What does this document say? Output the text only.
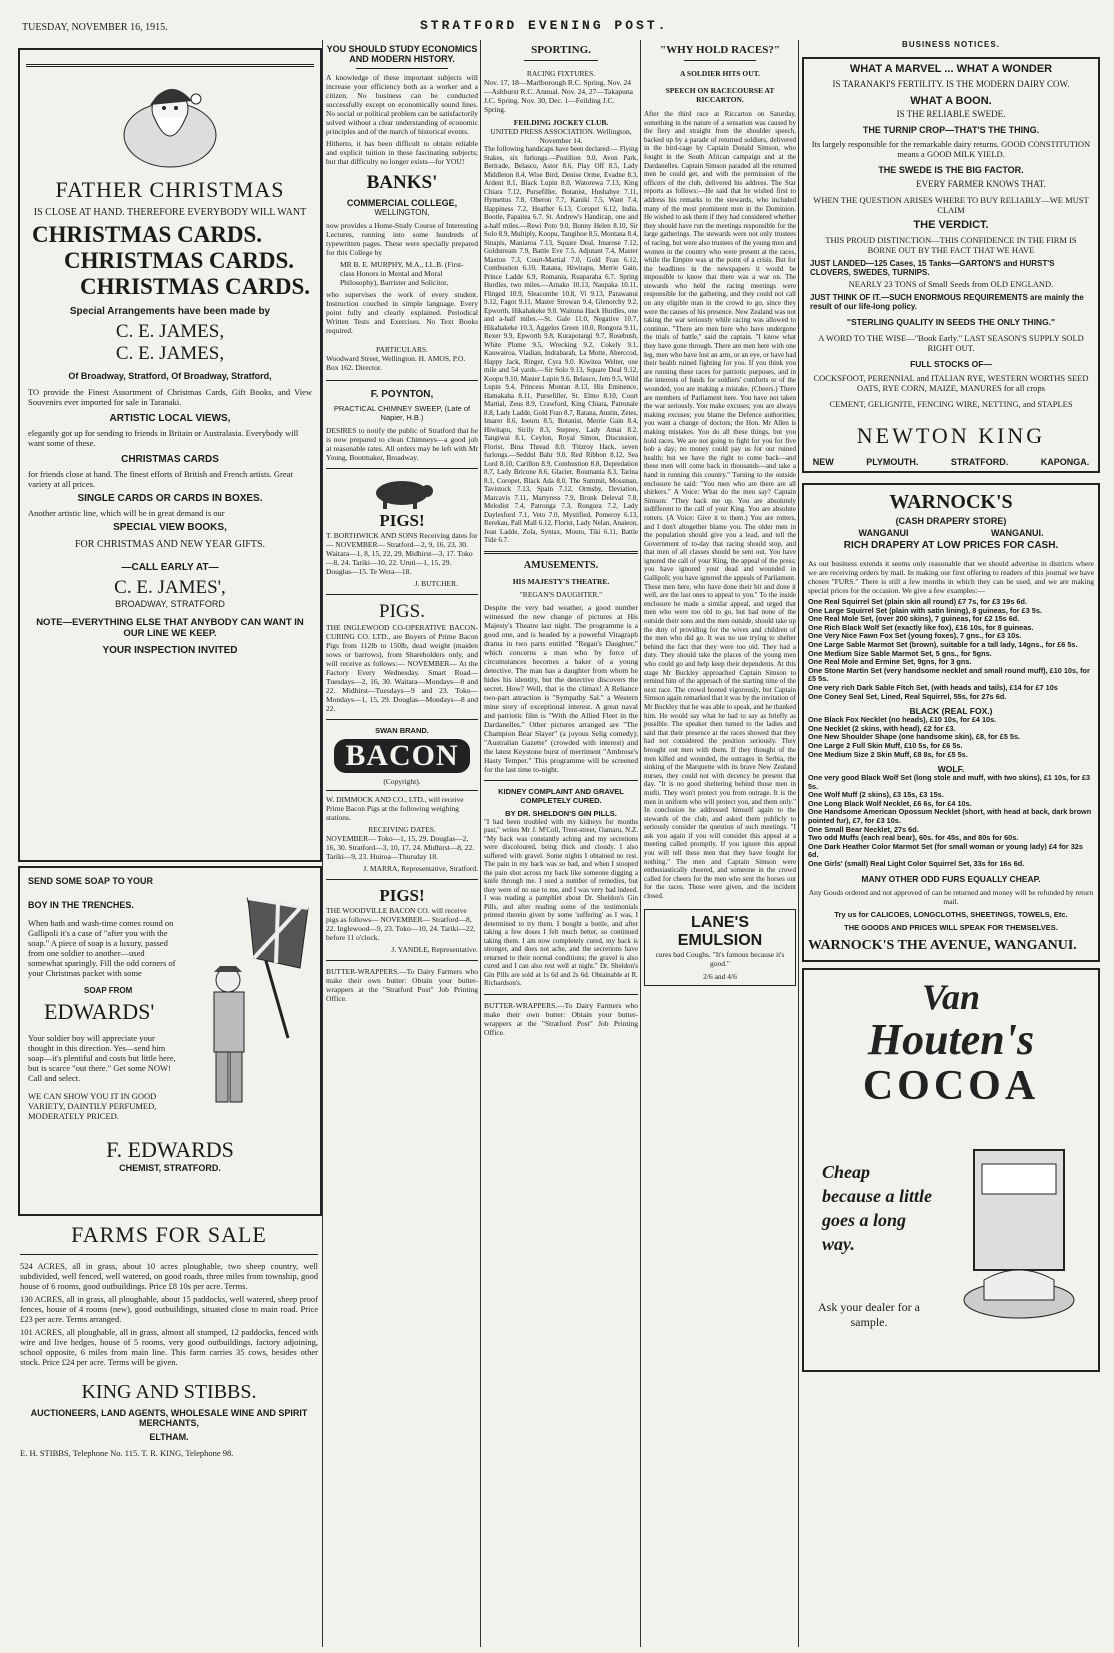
TUESDAY, NOVEMBER 16, 1915.	STRATFORD EVENING POST.
FATHER CHRISTMAS
IS CLOSE AT HAND. THEREFORE EVERYBODY WILL WANT
CHRISTMAS CARDS.
CHRISTMAS CARDS.
CHRISTMAS CARDS.
Special Arrangements have been made by
C. E. JAMES,
C. E. JAMES,
Of Broadway, Stratford, Of Broadway, Stratford,
TO provide the Finest Assortment of Christmas Cards, Gift Books, and View Souvenirs ever imported for sale in Taranaki.
ARTISTIC LOCAL VIEWS,
elegantly got up for sending to friends in Britain or Australasia. Everybody will want some of these.
CHRISTMAS CARDS
for friends close at hand. The finest efforts of British and French artists. Great variety at all prices.
SINGLE CARDS OR CARDS IN BOXES.
Another artistic line, which will be in great demand is our
SPECIAL VIEW BOOKS,
FOR CHRISTMAS AND NEW YEAR GIFTS.
—CALL EARLY AT—
C. E. JAMES',
BROADWAY, STRATFORD
NOTE—EVERYTHING ELSE THAT ANYBODY CAN WANT IN OUR LINE WE KEEP.
YOUR INSPECTION INVITED
SEND SOME SOAP TO YOUR
BOY IN THE TRENCHES.
When bath and wash-time comes round on Gallipoli it's a case of "after you with the soap." A piece of soap is a luxury, passed from one soldier to another—used somewhat sparingly. Fill the odd corners of your Christmas packet with some
SOAP FROM
EDWARDS'
Your soldier boy will appreciate your thought in this direction. Yes—send him soap—it's plentiful and costs but little here, but is scarce "out there." Get some NOW! Call and select.
WE CAN SHOW YOU IT IN GOOD VARIETY, DAINTILY PERFUMED, MODERATELY PRICED.
F. EDWARDS
CHEMIST, STRATFORD.
FARMS FOR SALE

524 ACRES, all in grass, about 10 acres ploughable, two sheep country, well subdivided, well fenced, well watered, on good roads, three miles from township, good house of 6 rooms, good outbuildings. Price £8 10s per acre. Terms.

130 ACRES, all in grass, all ploughable, about 15 paddocks, well watered, sheep proof fences, house of 4 rooms (new), good outbuildings, situated close to main road. Price £23 per acre. Terms arranged.

101 ACRES, all ploughable, all in grass, almost all stumped, 12 paddocks, fenced with wire and live hedges, house of 5 rooms, very good outbuildings, factory adjoining, school opposite, 6 miles from main line. This farm carries 35 cows, besides other stock. Price £24 per acre. Terms will be given.

KING AND STIBBS.
AUCTIONEERS, LAND AGENTS, WHOLESALE WINE AND SPIRIT MERCHANTS,
ELTHAM.
E. H. STIBBS, Telephone No. 115. T. R. KING, Telephone 98.
YOU SHOULD STUDY ECONOMICS AND MODERN HISTORY.

A knowledge of these important subjects will increase your efficiency both as a worker and a citizen. No business can be conducted successfully except on economically sound lines. No social or political problem can be satisfactorily solved without a clear understanding of economic principles and of the march of historical events.

Hitherto, it has been difficult to obtain reliable and explicit tuition in these fascinating subjects; but that difficulty no longer exists—for YOU!

BANKS'
COMMERCIAL COLLEGE,
WELLINGTON,

now provides a Home-Study Course of Interesting Lectures, running into some hundreds of typewritten pages. These were specially prepared for this College by

MR B. E. MURPHY, M.A., LL.B. (First-class Honors in Mental and Moral Philosophy), Barrister and Solicitor,

who supervises the work of every student. Instruction couched in simple language. Every point fully and clearly explained. Periodical Written Tests and Exercises. No Text Books required.

PARTICULARS.

Woodward Street, Wellington. H. AMOS, P.O. Box 162. Director.

F. POYNTON,
PRACTICAL CHIMNEY SWEEP, (Late of Napier, H.B.)

DESIRES to notify the public of Stratford that he is now prepared to clean Chimneys—a good job at reasonable rates. All orders may be left with Mr Young, Bootmaker, Broadway.

PIGS!

T. BORTHWICK AND SONS Receiving dates for— NOVEMBER— Stratford—2, 9, 16, 23, 30. Waitara—1, 8, 15, 22, 29. Midhirst—3, 17. Toko—8, 24. Tariki—10, 22. Uruti—1, 15, 29. Douglas—15. Te Wera—18.

J. BUTCHER.
PIGS.

THE INGLEWOOD CO-OPERATIVE BACON-CURING CO. LTD., are Buyers of Prime Bacon Pigs from 112lb to 150lb, dead weight (maiden sows or barrows), from Shareholders only, and will receive as follows:— NOVEMBER— At the Factory Every Wednesday. Smart Road—Tuesdays—2, 16, 30. Waitara—Mondays—8 and 22. Midhirst—Tuesdays—9 and 23. Toko—Mondays—1, 15, 29. Douglas—Mondays—8 and 22.

SWAN BRAND.
BACON
(Copyright).

W. DIMMOCK AND CO., LTD., will receive Prime Bacon Pigs at the following weighing stations.

RECEIVING DATES.

NOVEMBER— Toko—1, 15, 29. Douglas—2, 16, 30. Stratford—3, 10, 17, 24. Midhirst—8, 22. Tariki—9, 23. Huiroa—Thursday 18.

J. MARRA, Representative, Stratford.
PIGS!

THE WOODVILLE BACON CO. will receive pigs as follows— NOVEMBER— Stratford—8, 22. Inglewood—9, 23. Toko—10, 24. Tariki—22, before 11 o'clock.

J. YANDLE, Representative.

BUTTER-WRAPPERS.—To Dairy Farmers who make their own butter: Obtain your butter-wrappers at the "Stratford Post" Job Printing Office.

SPORTING.
RACING FIXTURES.

Nov. 17, 18—Marlborough R.C. Spring. Nov. 24—Ashburst R.C. Annual. Nov. 24, 27—Takapuna J.C. Spring. Nov. 30, Dec. 1—Feilding J.C. Spring.

FEILDING JOCKEY CLUB.
UNITED PRESS ASSOCIATION. Wellington, November 14.

The following handicaps have been declared:— Flying Stakes, six furlongs.—Postilion 9.0, Avon Park, Bertrade, Belasco, Astor 8.6, Play Off 8.5, Lady Middleton 8.4, Wise Bird, Denise Orme, Evadne 8.3, Ardent 8.1, Black Lupin 8.0, Watorewa 7.13, King Chiara 7.12, Pursefiller, Botanist, Hushabye 7.11, Hymettus 7.8, Oberon 7.7, Kaniki 7.5, Want 7.4, Happiness 7.2, Heather 6.13, Coropet 6.12, India, Bootle, Papaitea 6.7. St. Andrew's Handicap, one and a-half miles.—Rewi Poto 9.0, Bonny Helen 8.10, Sir Solo 8.9, Multiply, Koopu, Tangihoe 8.5, Montana 8.4, Sinapis, Maniaroa 7.13, Square Deal, Imarose 7.12, Goldstream 7.9, Battle Eve 7.5, Adjutant 7.4, Master Maxton 7.3, Court-Martial 7.0, Gold Fran 6.12, Combustion 6.10, Ratana, Hiwitapu, Merrie Gain, Prince Ladde 6.9, Romania, Ruaparaha 6.7. Spring Hurdles, two miles.—Arnako 10.13, Naupaka 10.11, Flinged 10.9, Sleacombe 10.8, Vi 9.13, Parawanui 9.12, Fagot 9.11, Master Strowan 9.4, Glenorchy 9.2, Epworth, Hikahakeke 9.0. Waituna Hack Hurdles, one and a-half miles.—St. Gale 11.0, Negative 10.7, Hikahakeke 10.3, Aggelos Green 10.0, Rongora 9.11, Rexer 9.9, Epworth 9.8, Kurapotangi 9.7, Rosebush, White Plume 9.5, Wrecking 9.2, Cokely 9.1, Kauwairoa, Vladian, Indrabarah, La Motte, Aberccod, Happy Jack, Ringer, Cyra 9.0. Kiwitea Welter, one mile and 54 yards.—Sir Solo 9.13, Square Deal 9.12, Koopu 9.10, Master Lupin 9.6, Belasco, Jem 9.5, Wild Lupin 9.4, Princess Montan 8.13, His Eminence, Hamakaha 8.11, Pursefiller, St. Elmo 8.10, Court Martial, Zeus 8.9, Crawford, King Chiara, Patronale 8.8, Lady Ladde, Gold Fran 8.7, Ratana, Austin, Zetes, Imarer 8.6, Ioeuru 8.5, Botanist, Merrie Gain 8.4, Hiwitapu, Sicily 8.3, Stepney, Lady Amai 8.2, Tangiwai 8.1, Ceylon, Royal Simon, Discussion, Florist, Bina Thread 8.0. 'Fitzroy Hack, seven furlongs.—Seddul Bahr 9.0, Red Ribbon 8.12, Sea Lord 8.10, Carillon 8.9, Combustion 8.8, Depredation 8.7, Lady Bricone 8.6, Glacier, Roumania 8.3, Tarina 8.1, Coropet, Black Ada 8.0, The Summit, Mossman, Tavistock 7.13, Spain 7.12, Ormsby, Deviation, Marcavis 7.11, Martyress 7.9, Bronk Deleval 7.8, Melodist 7.4, Patronga 7.3, Rongora 7.2, Lady Daylesford 7.1, Veto 7.0, Mystified, Pomeroy 6.13, Rerekau, Pall Mall 6.12, Florist, Lady Nelan, Anaieon, Jean Ladde, Zola, Syntax, Mouto, Tiki 6.11, Battle Tide 6.7.

AMUSEMENTS.
HIS MAJESTY'S THEATRE.
"REGAN'S DAUGHTER."

Despite the very bad weather, a good number witnessed the new change of pictures at His Majesty's Theatre last night. The programme is a good one, and is headed by a powerful Vitagraph drama in two parts entitled "Regan's Daughter," which concerns a man who by force of circumstances becomes a baker of a young detective. The man has a daughter from whom he hides his identity, but the detective discovers the secret. How? Well, that is the climax! A Reliance two-part attraction is "Sympathy Sal." a Western mine story of exceptional interest. A great naval and patriotic film is "With the Allied Fleet in the Dardanelles." Other pictures arranged are "The Champion Bear Slayer" (a joyous Selig comedy); "Australian Gazette" (crowded with interest) and the latest Keystone burst of merriment "Ambrose's Hasty Temper." This programme will be screened for the last time to-night.

KIDNEY COMPLAINT AND GRAVEL COMPLETELY CURED.
BY DR. SHELDON'S GIN PILLS.

"I had been troubled with my kidneys for months past," writes Mr J. M'Coll, Trent-street, Oamaru, N.Z. "My back was constantly aching and my secretions were discoloured, being thick and cloudy. I also suffered with gravel. Some nights I obtained no rest. The pain in my back was so bad, and when I stooped the pain shot across my back like someone digging a knife through me. I used a number of remedies, but they were of no use to me, and I was very bad indeed. I was reading a pamphlet about Dr. Sheldon's Gin Pills, and after reading some of the testimonials printed therein given by some 'suffering' as I was, I determined to try them. I bought a bottle, and after taking a few doses I felt much better, so continued taking them. I am now completely cured, my back is stronger, and does not ache, and the secretions have returned to their normal conditions; the gravel is also cured and I can also rest well at night." Dr. Sheldon's Gin Pills are sold at 1s 6d and 2s 6d. Obtainable at R. Richardson's.

BUTTER-WRAPPERS.—To Dairy Farmers who make their own butter: Obtain your butter-wrappers at the "Stratford Post" Job Printing Office.

"WHY HOLD RACES?"
A SOLDIER HITS OUT.
SPEECH ON RACECOURSE AT RICCARTON.

After the third race at Riccarton on Saturday, something in the nature of a sensation was caused by the fiery and straight from the shoulder speech, backed up by a parade of returned soldiers, delivered in the bird-cage by Captain Donald Simson, who fought in the South African campaign and at the Dardanelles. Captain Simson paraded all the returned men he could get, and with the permission of the officers of the club, delivered his address. The Star reports as follows:—He said that he wished first to address his remarks to the stewards, who included many of the most prominent men in the Dominion. He wished to ask them if they had considered whether they should have run the meetings responsible for the large gatherings. The stewards were not only trustees of racing, but were also trustees of the young men and women in the country who were present at the races, while the Empire was at the point of a crisis. But for the headlines in the newspapers it would be impossible to know that there was a war on. The stewards who held the racing meetings were responsible for the gathering, and they could not call on any eligible man in the crowd to go, since they were the causes of his presence. New Zealand was not taking the war seriously while racing was allowed to continue. "There are men here who have undergone the trials of battle," said the captain. "I know what they have gone through. There are men here with one leg, men who have lost an arm, or an eye, or have had their health ruined fighting for you. If you think you are running these races for patriotic purposes, and in the interests of funds for soldiers' comforts or of the wounded, you are making a mistake. (Cheers.) There are members of Parliament here. You have not taken the war seriously. You make excuses; you are always making excuses; you blame the Defence authorities; you want a change of doctors; the Hon. Mr Allen is making mistakes. You do all these things, but you hold races. We are not going to fight for you for five bob a day; no money could pay us for our ruined health; but we have the right to come back—and these men will come back in thousands—and take a hand in running this country." Turning to the outside enclosure he said: "You men who are there are all shirkers." A Voice: What do the men say? Captain Simson: "They back me up. You are absolutely indifferent to the call of your King. You are absolute rotters. (A Voice: Give it to them.) You are rotters, and I don't altogether blame you. The older men in the population should give you a lead, and tell the Government of to-day that racing should stop, and that men of all classes should be sent out. You have ignored the call of your King, the appeal of the press; you have ignored your dead and wounded in Gallipoli; you have ignored the appeals of Parliament. These men here, who have done their bit and done it well, are the last ones to appeal to you." To the inside enclosure he made a similar appeal, and urged that men who were too old to go, but had none of the outside their sons and the men outside, should take up the duty of providing for the wives and children of the men who did go. It was no use trying to shelter behind the fact that they were too old. They had a duty. They should take the places of the young men who could go and help keep their dependents. At this stage Mr Buckley approached Captain Simson to remind him of the approach of the starting time of the next race. The crowd hooted vigorously, but Captain Simson again remarked that it was by the invitation of Mr Buckley that he was able to speak, and he thanked him. He would say what he had to say as briefly as possible. The speaker then turned to the ladies and said that their presence at the races showed that they had not considered the position seriously. They brought out men with them. If they thought of the men killed and wounded, the outrages in Serbia, the sinking of the Marquette with its brave New Zealand nurses, they could not with decency be present that day. "It is no good sheltering behind those men in mufti. They won't protect you from outrage. It is the men in uniform who will protect you, and them only." In conclusion he addressed himself again to the stewards of the club, and asked them publicly to seriously consider the question of such meetings. "I ask you again if you will consider this appeal at a meeting called promptly. If you ignore this appeal you will tell these men that they have fought for nothing." The men and Captain Simson were enthusiastically cheered, and someone in the crowd called for cheers for the men who sent the horses out for the races. These were given, and the incident closed.

LANE'S EMULSION
cures bad Coughs. "It's famous because it's good."
2/6 and 4/6
BUSINESS NOTICES.
WHAT A MARVEL ... WHAT A WONDER
IS TARANAKI'S FERTILITY. IS THE MODERN DAIRY COW.
WHAT A BOON.
IS THE RELIABLE SWEDE.
THE TURNIP CROP—THAT'S THE THING.
Its largely responsible for the remarkable dairy returns. GOOD CONSTITUTION means a GOOD MILK YIELD.
THE SWEDE IS THE BIG FACTOR.
EVERY FARMER KNOWS THAT.
WHEN THE QUESTION ARISES WHERE TO BUY RELIABLY—WE MUST CLAIM
THE VERDICT.
THIS PROUD DISTINCTION—THIS CONFIDENCE IN THE FIRM IS BORNE OUT BY THE FACT THAT WE HAVE
JUST LANDED—125 Cases, 15 Tanks—GARTON'S and HURST'S CLOVERS, SWEDES, TURNIPS.
NEARLY 23 TONS of Small Seeds from OLD ENGLAND.
JUST THINK OF IT.—SUCH ENORMOUS REQUIREMENTS are mainly the result of our life-long policy.
"STERLING QUALITY IN SEEDS THE ONLY THING."
A WORD TO THE WISE—"Book Early." LAST SEASON'S SUPPLY SOLD RIGHT OUT.
FULL STOCKS OF—
COCKSFOOT, PERENNIAL and ITALIAN RYE, WESTERN WORTHS SEED OATS, RYE CORN, MAIZE, MANURES for all crops
CEMENT, GELIGNITE, FENCING WIRE, NETTING, and STAPLES
NEWTON KING
NEW PLYMOUTH. STRATFORD. KAPONGA.
WARNOCK'S
(CASH DRAPERY STORE)
WANGANUI WANGANUI.
RICH DRAPERY AT LOW PRICES FOR CASH.

As our business extends it seems only reasonable that we should advertise in districts where we are receiving orders by mail. In making our first offering to readers of this journal we have chosen "FURS." There is still a few months in which they can be used, and we are making special prices for the occasion. We give a few examples:—

One Real Squirrel Set (plain skin all round) £7 7s, for £3 19s 6d.
One Large Squirrel Set (plain with satin lining), 8 guineas, for £3 5s.
One Real Mole Set, (over 200 skins), 7 guineas, for £2 15s 6d.
One Rich Black Wolf Set (exactly like fox), £16 10s, for 8 guineas.
One Very Nice Fawn Fox Set (young foxes), 7 gns., for £3 10s.
One Large Sable Marmot Set (brown), suitable for a tall lady, 14gns., for £6 5s.
One Medium Size Sable Marmot Set, 5 gns., for 5gns.
One Real Mole and Ermine Set, 9gns, for 3 gns.
One Stone Martin Set (very handsome necklet and small round muff), £10 10s, for £5 5s.
One very rich Dark Sable Fitch Set, (with heads and tails), £14 for £7 10s
One Coney Seal Set, Lined, Real Squirrel, 55s, for 27s 6d.
BLACK (REAL FOX.)
One Black Fox Necklet (no heads), £10 10s, for £4 10s.
One Necklet (2 skins, with head), £2 for £3.
One New Shoulder Shape (one handsome skin), £8, for £5 5s.
One Large 2 Full Skin Muff, £10 5s, for £6 5s.
One Medium Size 2 Skin Muff, £8 8s, for £5 5s.
WOLF.
One very good Black Wolf Set (long stole and muff, with two skins), £1 10s, for £3 5s.
One Wolf Muff (2 skins), £3 15s, £3 15s.
One Long Black Wolf Necklet, £6 6s, for £4 10s.
One Handsome American Opossum Necklet (short, with head at back, dark brown pointed fur), £7, for £3 10s.
One Small Bear Necklet, 27s 6d.
Two odd Muffs (each real bear), 60s. for 45s, and 80s for 60s.
One Dark Heather Color Marmot Set (for small woman or young lady) £4 for 32s 6d.
One Girls' (small) Real Light Color Squirrel Set, 33s for 16s 6d.
MANY OTHER ODD FURS EQUALLY CHEAP.
Any Goods ordered and not approved of can be returned and money will be refunded by return mail.
Try us for CALICOES, LONGCLOTHS, SHEETINGS, TOWELS, Etc.
THE GOODS AND PRICES WILL SPEAK FOR THEMSELVES.
WARNOCK'S THE AVENUE, WANGANUI.
Van
Houten's
COCOA
Cheap because a little goes a long way.
Ask your dealer for a sample.
